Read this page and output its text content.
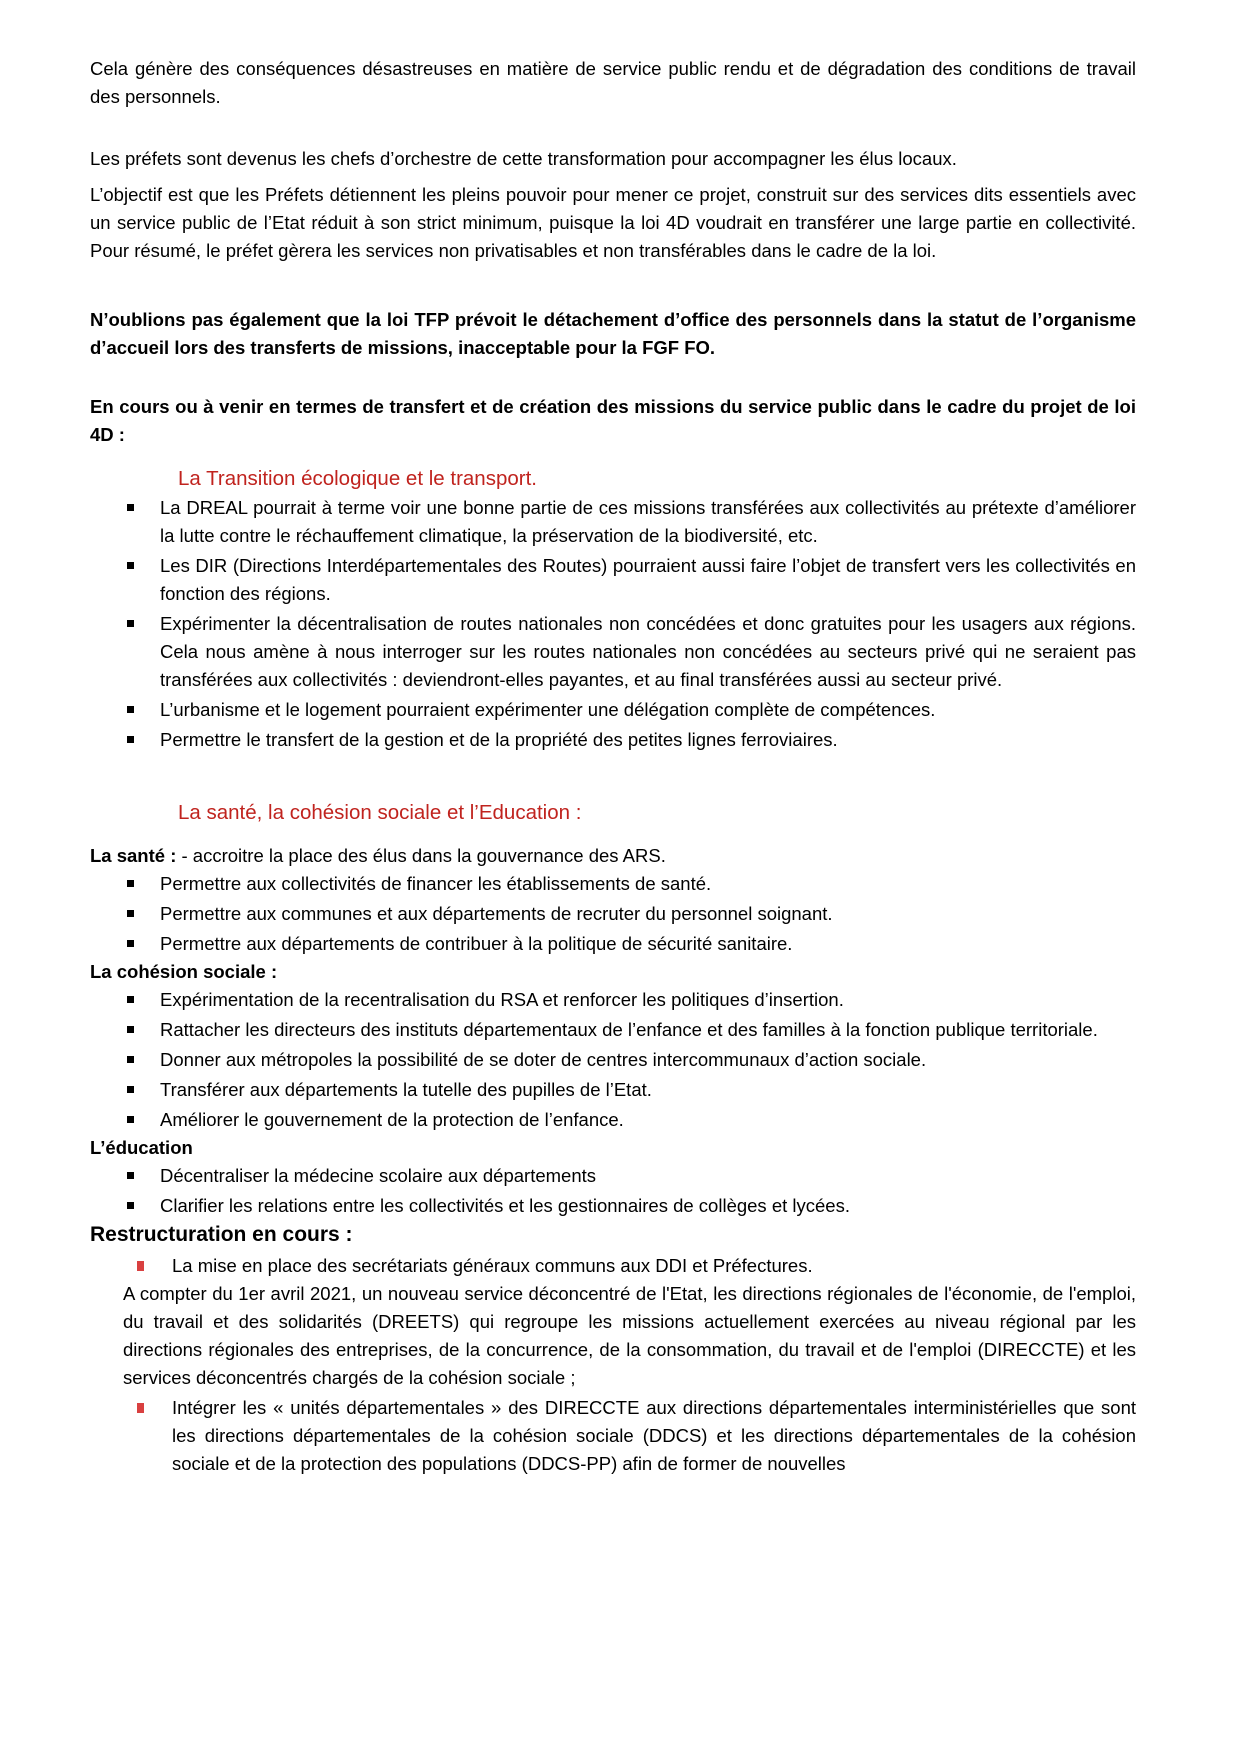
Cela génère des conséquences désastreuses en matière de service public rendu et de dégradation des conditions de travail des personnels.

Les préfets sont devenus les chefs d’orchestre de cette transformation pour accompagner les élus locaux.

L’objectif est que les Préfets détiennent les pleins pouvoir pour mener ce projet, construit sur des services dits essentiels avec un service public de l’Etat réduit à son strict minimum, puisque la loi 4D voudrait en transférer une large partie en collectivité. Pour résumé, le préfet gèrera les services non privatisables et non transférables dans le cadre de la loi.

N’oublions pas également que la loi TFP prévoit le détachement d’office des personnels dans la statut de l’organisme d’accueil lors des transferts de missions, inacceptable pour la FGF FO.

En cours ou à venir en termes de transfert et de création des missions du service public dans le cadre du projet de loi 4D :

La Transition écologique et le transport.
La DREAL pourrait à terme voir une bonne partie de ces missions transférées aux collectivités au prétexte d’améliorer la lutte contre le réchauffement climatique, la préservation de la biodiversité, etc.
Les DIR (Directions Interdépartementales des Routes) pourraient aussi faire l’objet de transfert vers les collectivités en fonction des régions.
Expérimenter la décentralisation de routes nationales non concédées et donc gratuites pour les usagers aux régions. Cela nous amène à nous interroger sur les routes nationales non concédées au secteurs privé qui ne seraient pas transférées aux collectivités : deviendront-elles payantes, et au final transférées aussi au secteur privé.
L’urbanisme et le logement pourraient expérimenter une délégation complète de compétences.
Permettre le transfert de la gestion et de la propriété des petites lignes ferroviaires.
La santé, la cohésion sociale et l’Education :

La santé : - accroitre la place des élus dans la gouvernance des ARS.

Permettre aux collectivités de financer les établissements de santé.
Permettre aux communes et aux départements de recruter du personnel soignant.
Permettre aux départements de contribuer à la politique de sécurité sanitaire.

La cohésion sociale :

Expérimentation de la recentralisation du RSA et renforcer les politiques d’insertion.
Rattacher les directeurs des instituts départementaux de l’enfance et des familles à la fonction publique territoriale.
Donner aux métropoles la possibilité de se doter de centres intercommunaux d’action sociale.
Transférer aux départements la tutelle des pupilles de l’Etat.
Améliorer le gouvernement de la protection de l’enfance.

L’éducation

Décentraliser la médecine scolaire aux départements
Clarifier les relations entre les collectivités et les gestionnaires de collèges et lycées.
Restructuration en cours :
La mise en place des secrétariats généraux communs aux DDI et Préfectures.

A compter du 1er avril 2021, un nouveau service déconcentré de l'Etat, les directions régionales de l'économie, de l'emploi, du travail et des solidarités (DREETS) qui regroupe les missions actuellement exercées au niveau régional par les directions régionales des entreprises, de la concurrence, de la consommation, du travail et de l'emploi (DIRECCTE) et les services déconcentrés chargés de la cohésion sociale ;

Intégrer les « unités départementales » des DIRECCTE aux directions départementales interministérielles que sont les directions départementales de la cohésion sociale (DDCS) et les directions départementales de la cohésion sociale et de la protection des populations (DDCS-PP) afin de former de nouvelles
